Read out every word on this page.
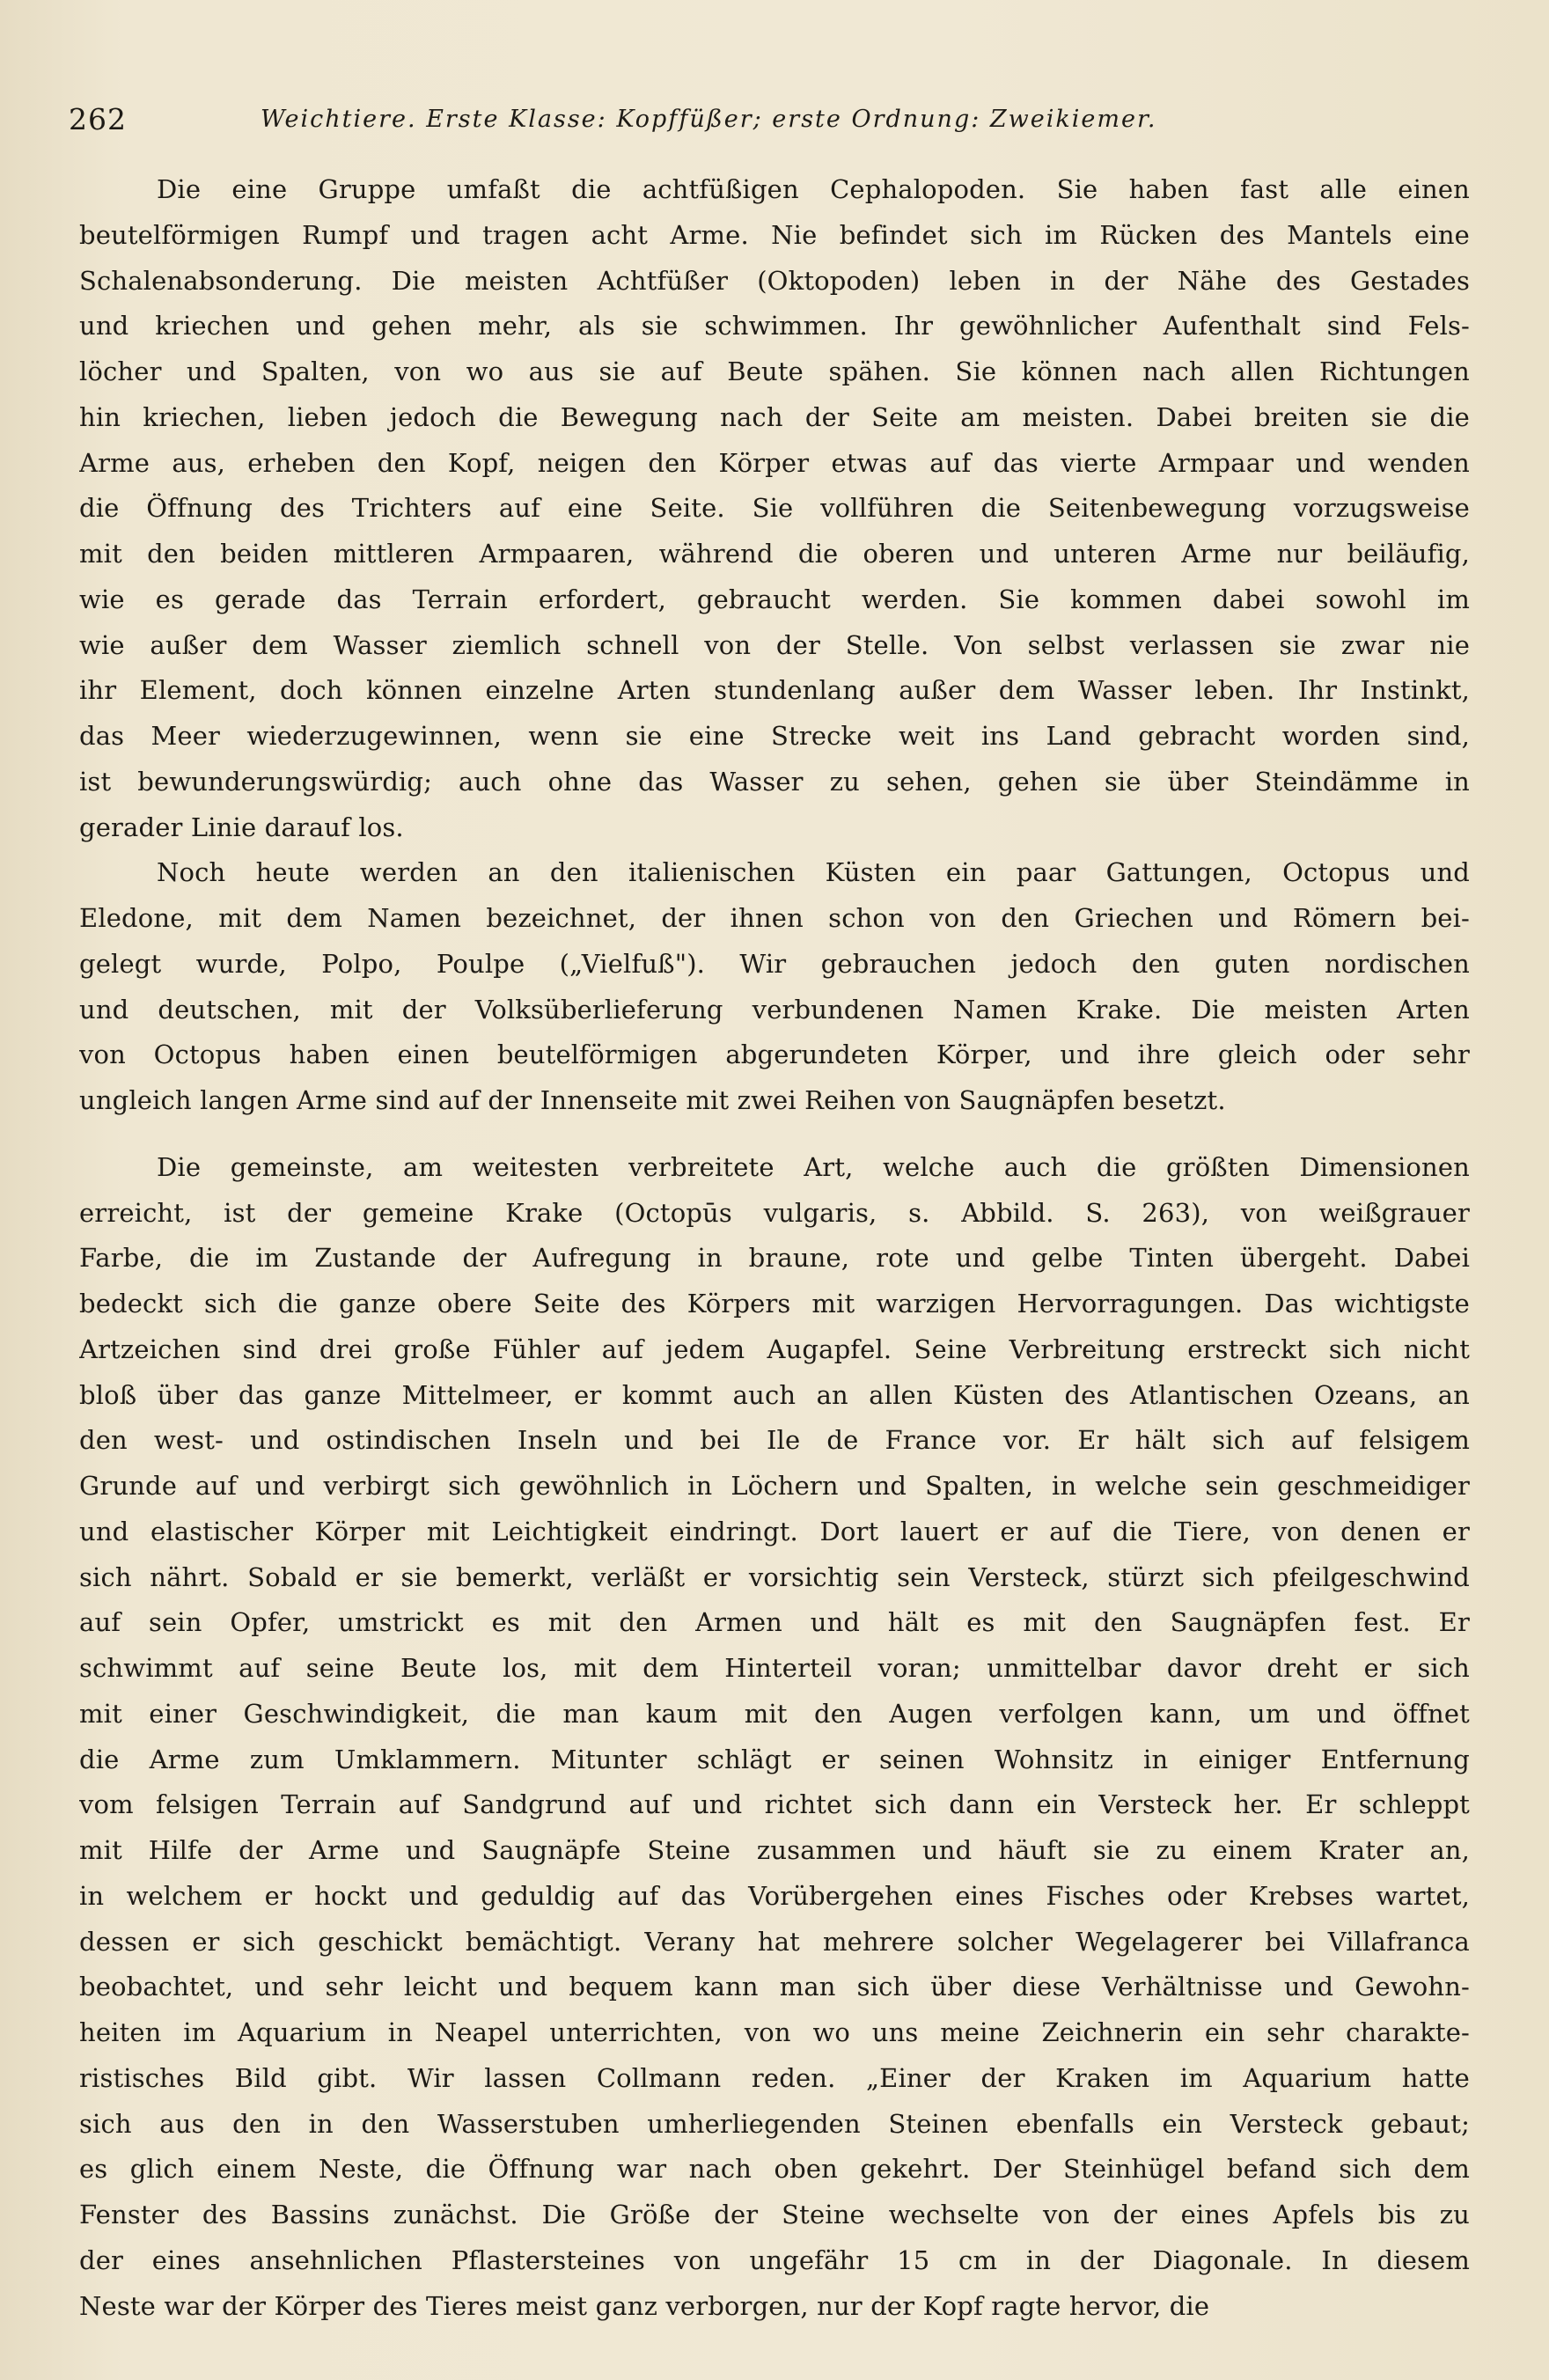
262	Weichtiere. Erste Klasse: Kopffüßer; erste Ordnung: Zweikiemer.
Die eine Gruppe umfaßt die achtfüßigen Cephalopoden. Sie haben fast alle einen
beutelförmigen Rumpf und tragen acht Arme. Nie befindet sich im Rücken des Mantels eine
Schalenabsonderung. Die meisten Achtfüßer (Oktopoden) leben in der Nähe des Gestades
und kriechen und gehen mehr, als sie schwimmen. Ihr gewöhnlicher Aufenthalt sind Fels-
löcher und Spalten, von wo aus sie auf Beute spähen. Sie können nach allen Richtungen
hin kriechen, lieben jedoch die Bewegung nach der Seite am meisten. Dabei breiten sie die
Arme aus, erheben den Kopf, neigen den Körper etwas auf das vierte Armpaar und wenden
die Öffnung des Trichters auf eine Seite. Sie vollführen die Seitenbewegung vorzugsweise
mit den beiden mittleren Armpaaren, während die oberen und unteren Arme nur beiläufig,
wie es gerade das Terrain erfordert, gebraucht werden. Sie kommen dabei sowohl im
wie außer dem Wasser ziemlich schnell von der Stelle. Von selbst verlassen sie zwar nie
ihr Element, doch können einzelne Arten stundenlang außer dem Wasser leben. Ihr Instinkt,
das Meer wiederzugewinnen, wenn sie eine Strecke weit ins Land gebracht worden sind,
ist bewunderungswürdig; auch ohne das Wasser zu sehen, gehen sie über Steindämme in
gerader Linie darauf los.
Noch heute werden an den italienischen Küsten ein paar Gattungen, Octopus und
Eledone, mit dem Namen bezeichnet, der ihnen schon von den Griechen und Römern bei-
gelegt wurde, Polpo, Poulpe („Vielfuß"). Wir gebrauchen jedoch den guten nordischen
und deutschen, mit der Volksüberlieferung verbundenen Namen Krake. Die meisten Arten
von Octopus haben einen beutelförmigen abgerundeten Körper, und ihre gleich oder sehr
ungleich langen Arme sind auf der Innenseite mit zwei Reihen von Saugnäpfen besetzt.
Die gemeinste, am weitesten verbreitete Art, welche auch die größten Dimensionen
erreicht, ist der gemeine Krake (Octopūs vulgaris, s. Abbild. S. 263), von weißgrauer
Farbe, die im Zustande der Aufregung in braune, rote und gelbe Tinten übergeht. Dabei
bedeckt sich die ganze obere Seite des Körpers mit warzigen Hervorragungen. Das wichtigste
Artzeichen sind drei große Fühler auf jedem Augapfel. Seine Verbreitung erstreckt sich nicht
bloß über das ganze Mittelmeer, er kommt auch an allen Küsten des Atlantischen Ozeans, an
den west- und ostindischen Inseln und bei Ile de France vor. Er hält sich auf felsigem
Grunde auf und verbirgt sich gewöhnlich in Löchern und Spalten, in welche sein geschmeidiger
und elastischer Körper mit Leichtigkeit eindringt. Dort lauert er auf die Tiere, von denen er
sich nährt. Sobald er sie bemerkt, verläßt er vorsichtig sein Versteck, stürzt sich pfeilgeschwind
auf sein Opfer, umstrickt es mit den Armen und hält es mit den Saugnäpfen fest. Er
schwimmt auf seine Beute los, mit dem Hinterteil voran; unmittelbar davor dreht er sich
mit einer Geschwindigkeit, die man kaum mit den Augen verfolgen kann, um und öffnet
die Arme zum Umklammern. Mitunter schlägt er seinen Wohnsitz in einiger Entfernung
vom felsigen Terrain auf Sandgrund auf und richtet sich dann ein Versteck her. Er schleppt
mit Hilfe der Arme und Saugnäpfe Steine zusammen und häuft sie zu einem Krater an,
in welchem er hockt und geduldig auf das Vorübergehen eines Fisches oder Krebses wartet,
dessen er sich geschickt bemächtigt. Verany hat mehrere solcher Wegelagerer bei Villafranca
beobachtet, und sehr leicht und bequem kann man sich über diese Verhältnisse und Gewohn-
heiten im Aquarium in Neapel unterrichten, von wo uns meine Zeichnerin ein sehr charakte-
ristisches Bild gibt. Wir lassen Collmann reden. „Einer der Kraken im Aquarium hatte
sich aus den in den Wasserstuben umherliegenden Steinen ebenfalls ein Versteck gebaut;
es glich einem Neste, die Öffnung war nach oben gekehrt. Der Steinhügel befand sich dem
Fenster des Bassins zunächst. Die Größe der Steine wechselte von der eines Apfels bis zu
der eines ansehnlichen Pflastersteines von ungefähr 15 cm in der Diagonale. In diesem
Neste war der Körper des Tieres meist ganz verborgen, nur der Kopf ragte hervor, die
